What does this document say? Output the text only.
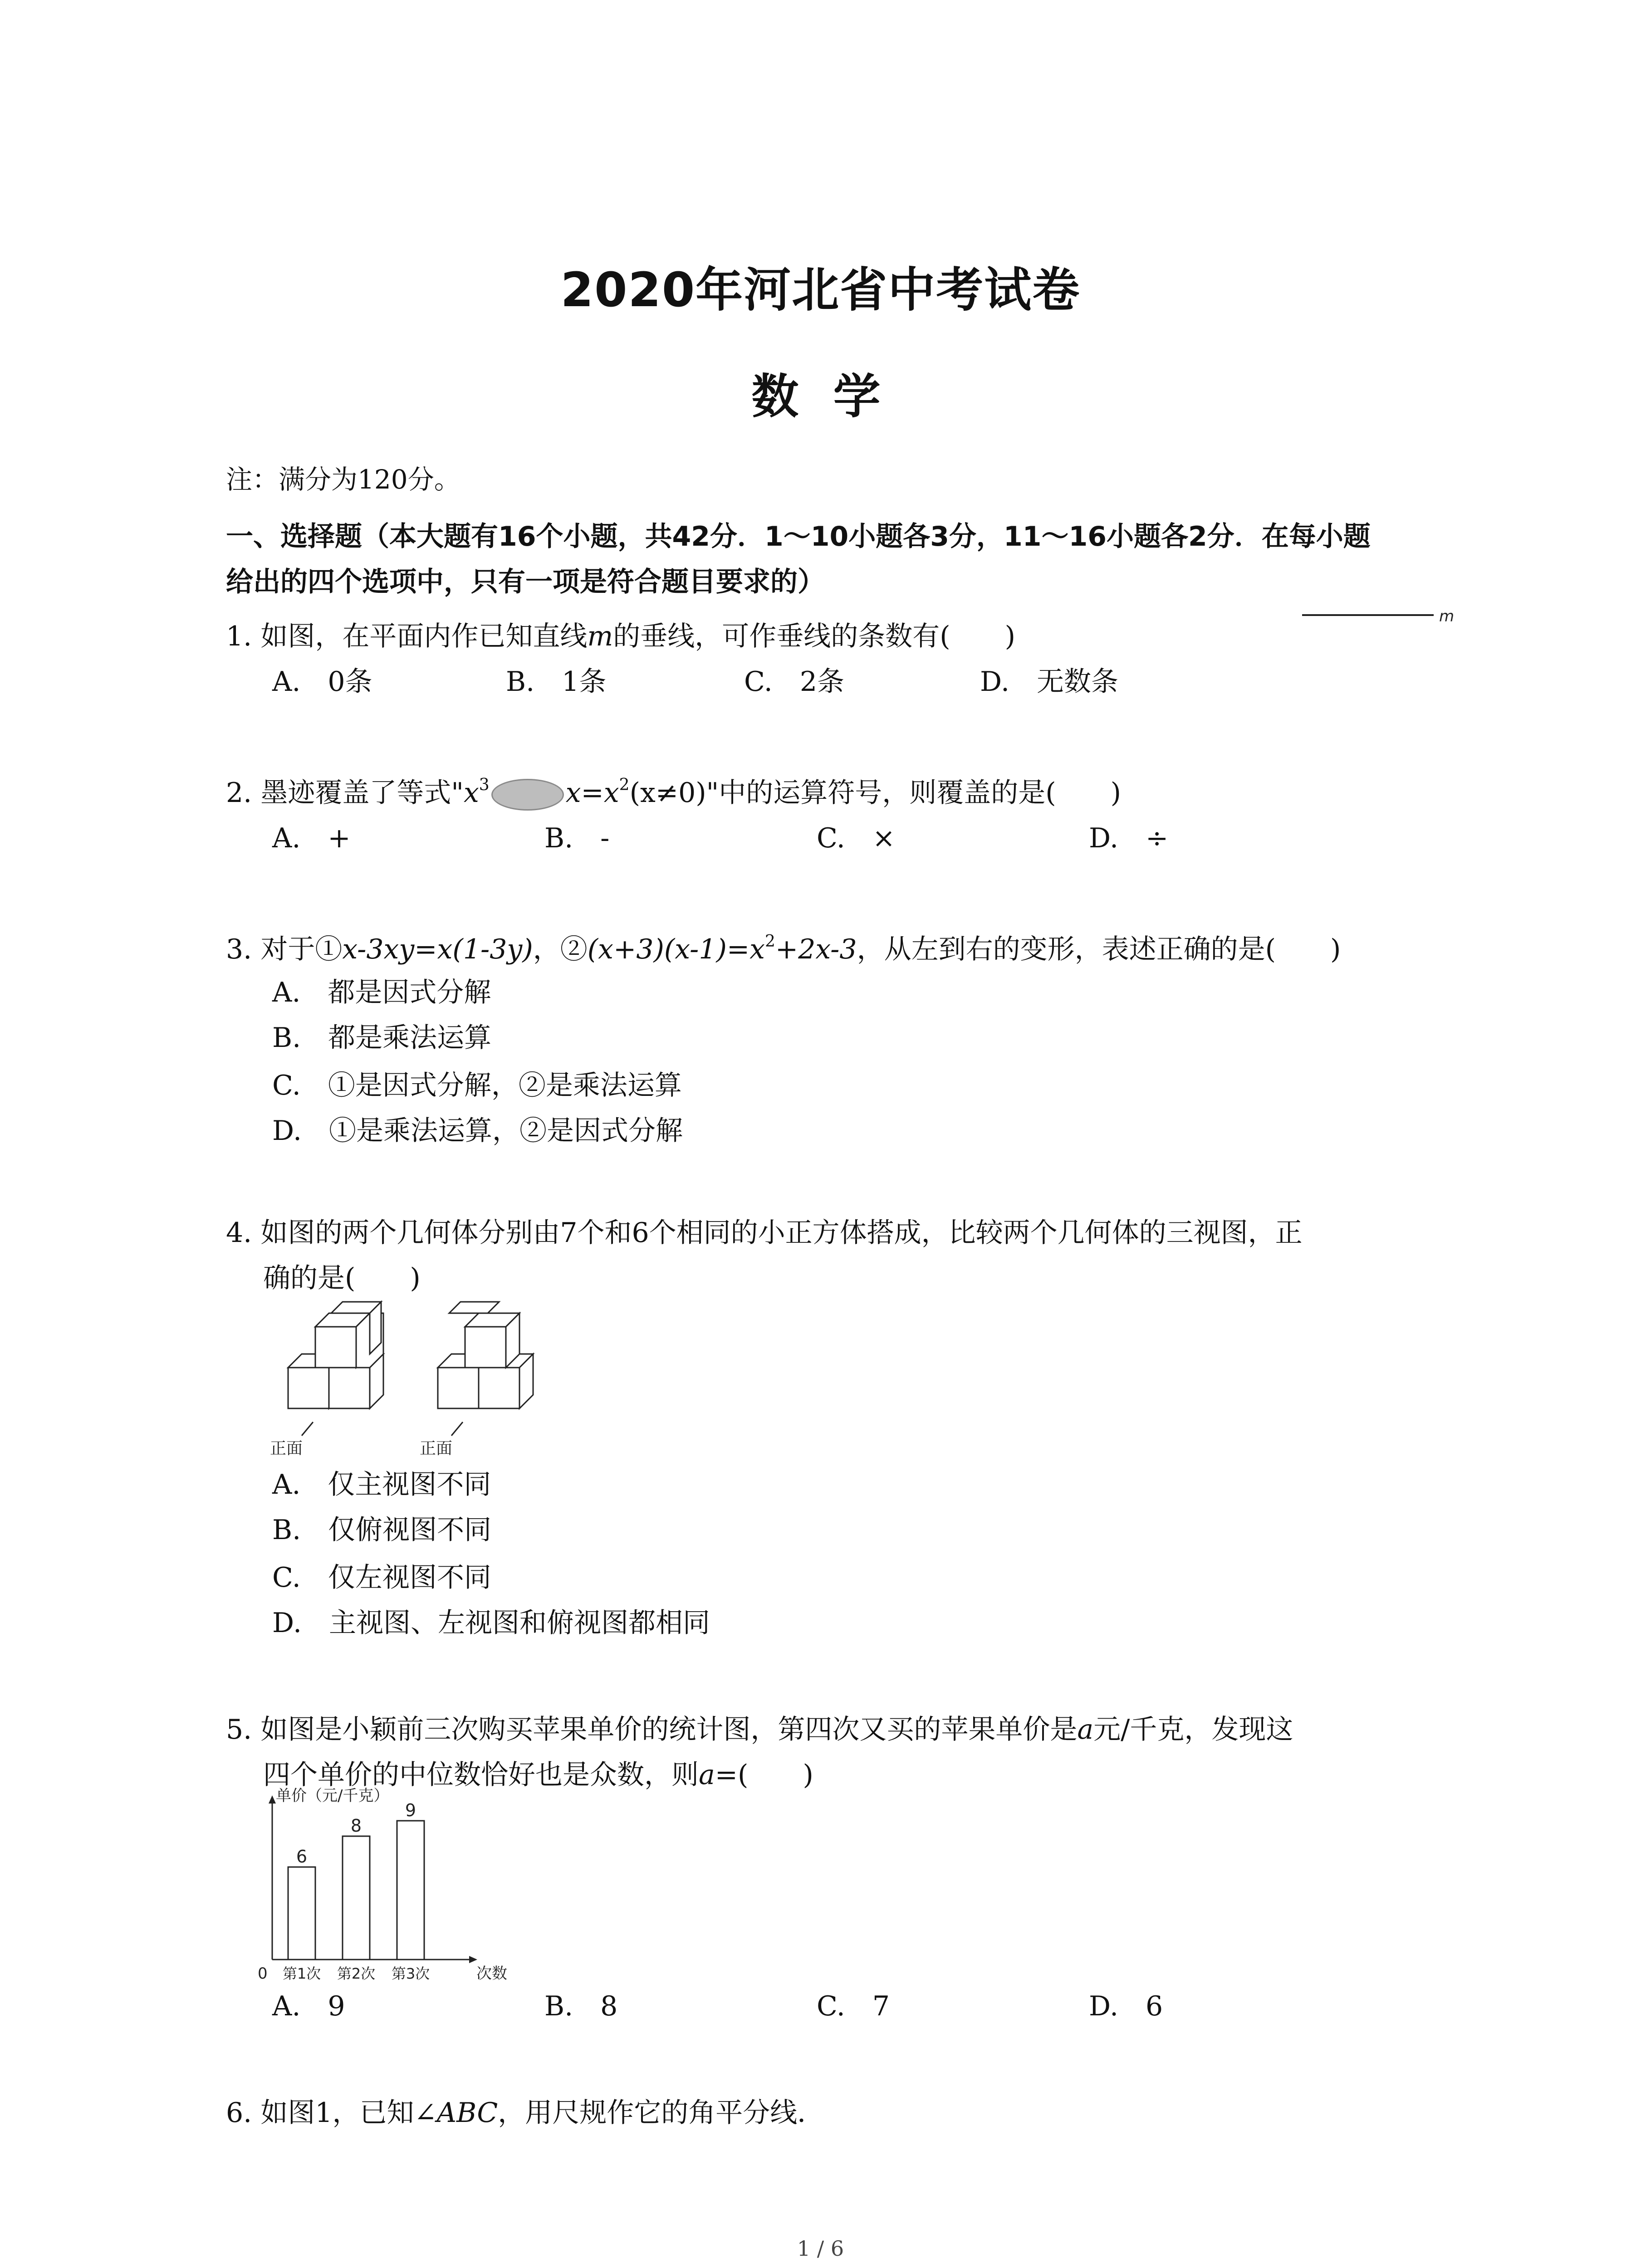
2020年河北省中考试卷
数 学
注：满分为120分。
一、选择题（本大题有16个小题，共42分．1～10小题各3分，11～16小题各2分．在每小题
给出的四个选项中，只有一项是符合题目要求的）
1. 如图，在平面内作已知直线m的垂线，可作垂线的条数有(　　)
m
A.　0条	B.　1条	C.　2条	D.　无数条
2. 墨迹覆盖了等式"$x^3$	$x=x^2(x\ne 0)$"中的运算符号，则覆盖的是(　　)
A.　+	B.　-	C.　×	D.　÷
3. 对于①x-3xy=x(1-3y)，$②(x+3)(x-1)=x^2+2x-3$，从左到右的变形，表述正确的是(　　)
A.　都是因式分解
B.　都是乘法运算
C.　①是因式分解，②是乘法运算
D.　①是乘法运算，②是因式分解
4. 如图的两个几何体分别由7个和6个相同的小正方体搭成，比较两个几何体的三视图，正
确的是(　　)
正面	正面
A.　仅主视图不同
B.　仅俯视图不同
C.　仅左视图不同
D.　主视图、左视图和俯视图都相同
5. 如图是小颖前三次购买苹果单价的统计图，第四次又买的苹果单价是a元/千克，发现这
四个单价的中位数恰好也是众数，则a=(　　)
单价（元/千克）
次数
0
6
第1次
8
第2次
9
第3次
A.　9	B.　8	C.　7	D.　6
6. 如图1，已知∠ABC，用尺规作它的角平分线．
1 / 6
